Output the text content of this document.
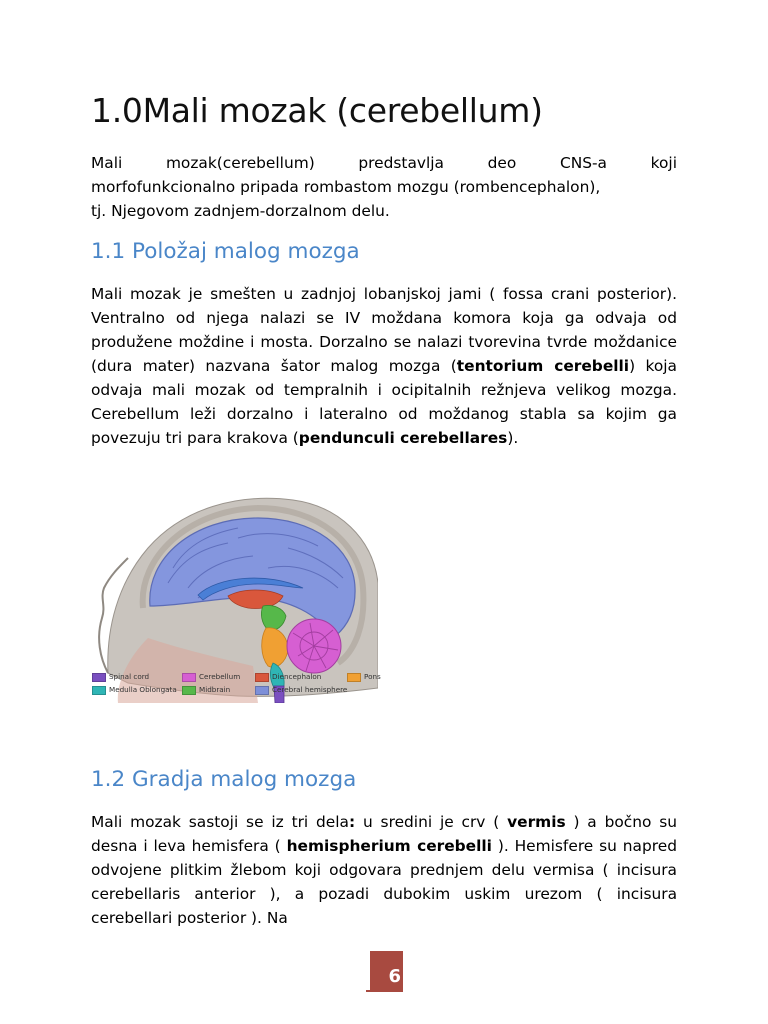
1.0Mali mozak (cerebellum)
Mali	mozak(cerebellum)	predstavlja	deo	CNS-a	koji
morfofunkcionalno pripada rombastom mozgu (rombencephalon),
tj. Njegovom zadnjem-dorzalnom delu.
1.1 Položaj malog mozga

Mali mozak je smešten u zadnjoj lobanjskoj jami ( fossa crani posterior). Ventralno od njega nalazi se IV moždana komora koja ga odvaja od produžene moždine i mosta. Dorzalno se nalazi tvorevina tvrde moždanice (dura mater) nazvana šator malog mozga (tentorium cerebelli) koja odvaja mali mozak od tempralnih i ocipitalnih režnjeva velikog mozga. Cerebellum leži dorzalno i lateralno od moždanog stabla sa kojim ga povezuju tri para krakova (pendunculi cerebellares).

Spinal cord	Cerebellum	Diencephalon	Pons
Medulla Oblongata	Midbrain	Cerebral hemisphere
1.2 Gradja malog mozga

Mali mozak sastoji se iz tri dela: u sredini je crv ( vermis ) a bočno su desna i leva hemisfera ( hemispherium cerebelli ). Hemisfere su napred odvojene plitkim žlebom koji odgovara prednjem delu vermisa ( incisura cerebellaris anterior ), a pozadi dubokim uskim urezom ( incisura cerebellari posterior ). Na

6
